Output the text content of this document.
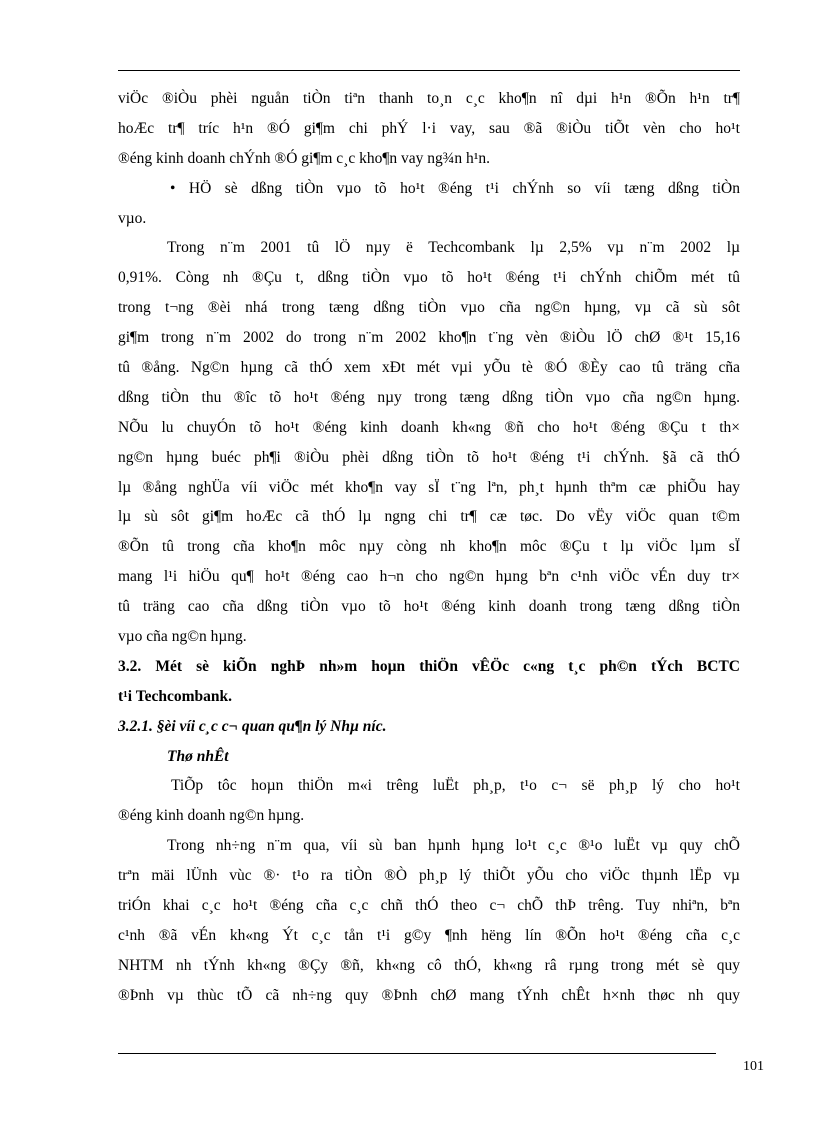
viÖc ®iÒu phèi nguån tiÒn tiªn thanh to¸n c¸c kho¶n nî dµi h¹n ®Õn h¹n tr¶
hoÆc tr¶ tríc h¹n ®Ó gi¶m chi phÝ l·i vay, sau ®ã ®iÒu tiÕt vèn cho ho¹t
®éng kinh doanh chÝnh ®Ó gi¶m c¸c kho¶n vay ng¾n h¹n.
• HÖ sè dßng tiÒn vµo tõ ho¹t ®éng t¹i chÝnh so víi tæng dßng tiÒn
vµo.
Trong n¨m 2001 tû lÖ nµy ë Techcombank lµ 2,5% vµ n¨m 2002 lµ
0,91%. Còng nh ®Çu t, dßng tiÒn vµo tõ ho¹t ®éng t¹i chÝnh chiÕm mét tû
trong t¬ng ®èi nhá trong tæng dßng tiÒn vµo cña ng©n hµng, vµ cã sù sôt
gi¶m trong n¨m 2002 do trong n¨m 2002 kho¶n t¨ng vèn ®iÒu lÖ chØ ®¹t 15,16
tû ®ång. Ng©n hµng cã thÓ xem xÐt mét vµi yÕu tè ®Ó ®Èy cao tû träng cña
dßng tiÒn thu ®îc tõ ho¹t ®éng nµy trong tæng dßng tiÒn vµo cña ng©n hµng.
NÕu lu chuyÓn tõ ho¹t ®éng kinh doanh kh«ng ®ñ cho ho¹t ®éng ®Çu t th×
ng©n hµng buéc ph¶i ®iÒu phèi dßng tiÒn tõ ho¹t ®éng t¹i chÝnh. §ã cã thÓ
lµ ®ång nghÜa víi viÖc mét kho¶n vay sÏ t¨ng lªn, ph¸t hµnh thªm cæ phiÕu hay
lµ sù sôt gi¶m hoÆc cã thÓ lµ ngng chi tr¶ cæ tøc. Do vËy viÖc quan t©m
®Õn tû trong cña kho¶n môc nµy còng nh kho¶n môc ®Çu t lµ viÖc lµm sÏ
mang l¹i hiÖu qu¶ ho¹t ®éng cao h¬n cho ng©n hµng bªn c¹nh viÖc vÉn duy tr×
tû träng cao cña dßng tiÒn vµo tõ ho¹t ®éng kinh doanh trong tæng dßng tiÒn
vµo cña ng©n hµng.
3.2. Mét sè kiÕn nghÞ nh»m hoµn thiÖn vÊÖc c«ng t¸c ph©n tÝch BCTC
t¹i Techcombank.
3.2.1. §èi víi c¸c c¬ quan qu¶n lý Nhµ níc.
Thø nhÊt
TiÕp tôc hoµn thiÖn m«i trêng luËt ph¸p, t¹o c¬ së ph¸p lý cho ho¹t
®éng kinh doanh ng©n hµng.
Trong nh÷ng n¨m qua, víi sù ban hµnh hµng lo¹t c¸c ®¹o luËt vµ quy chÕ
trªn mäi lÜnh vùc ®· t¹o ra tiÒn ®Ò ph¸p lý thiÕt yÕu cho viÖc thµnh lËp vµ
triÓn khai c¸c ho¹t ®éng cña c¸c chñ thÓ theo c¬ chÕ thÞ trêng. Tuy nhiªn, bªn
c¹nh ®ã vÉn kh«ng Ýt c¸c tån t¹i g©y ¶nh hëng lín ®Õn ho¹t ®éng cña c¸c
NHTM nh tÝnh kh«ng ®Çy ®ñ, kh«ng cô thÓ, kh«ng râ rµng trong mét sè quy
®Þnh vµ thùc tÕ cã nh÷ng quy ®Þnh chØ mang tÝnh chÊt h×nh thøc nh quy
101
